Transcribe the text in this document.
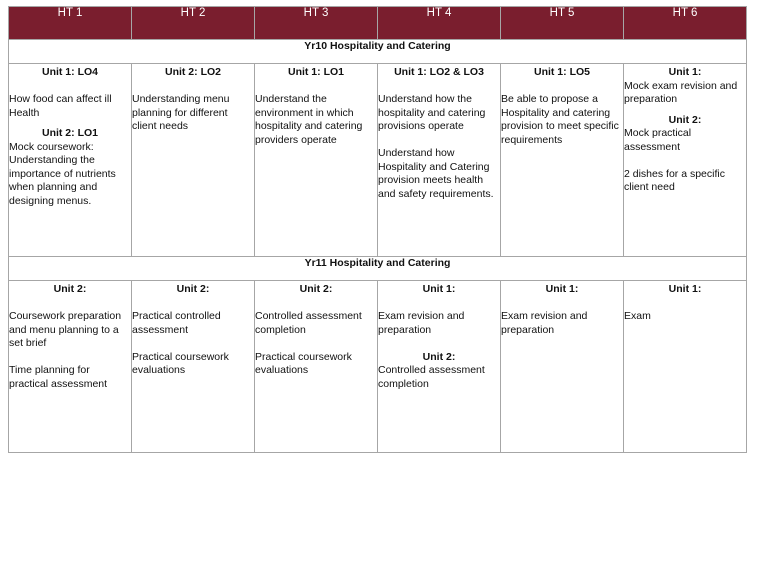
HT 1	HT 2	HT 3	HT 4	HT 5	HT 6
Yr10 Hospitality and Catering					

Unit 1: LO4
How food can affect ill Health
Unit 2: LO1
Mock coursework: Understanding the importance of nutrients when planning and designing menus.	Unit 2: LO2
Understanding menu planning for different client needs	Unit 1: LO1
Understand the environment in which hospitality and catering providers operate	Unit 1: LO2 & LO3
Understand how the hospitality and catering provisions operate
Understand how Hospitality and Catering provision meets health and safety requirements.	Unit 1: LO5
Be able to propose a Hospitality and catering provision to meet specific requirements	Unit 1:
Mock exam revision and preparation
Unit 2:
Mock practical assessment
2 dishes for a specific client need

Yr11 Hospitality and Catering					

Unit 2:
Coursework preparation and menu planning to a set brief
Time planning for practical assessment	Unit 2:
Practical controlled assessment
Practical coursework evaluations	Unit 2:
Controlled assessment completion
Practical coursework evaluations	Unit 1:
Exam revision and preparation
Unit 2:
Controlled assessment completion	Unit 1:
Exam revision and preparation	Unit 1:
Exam
